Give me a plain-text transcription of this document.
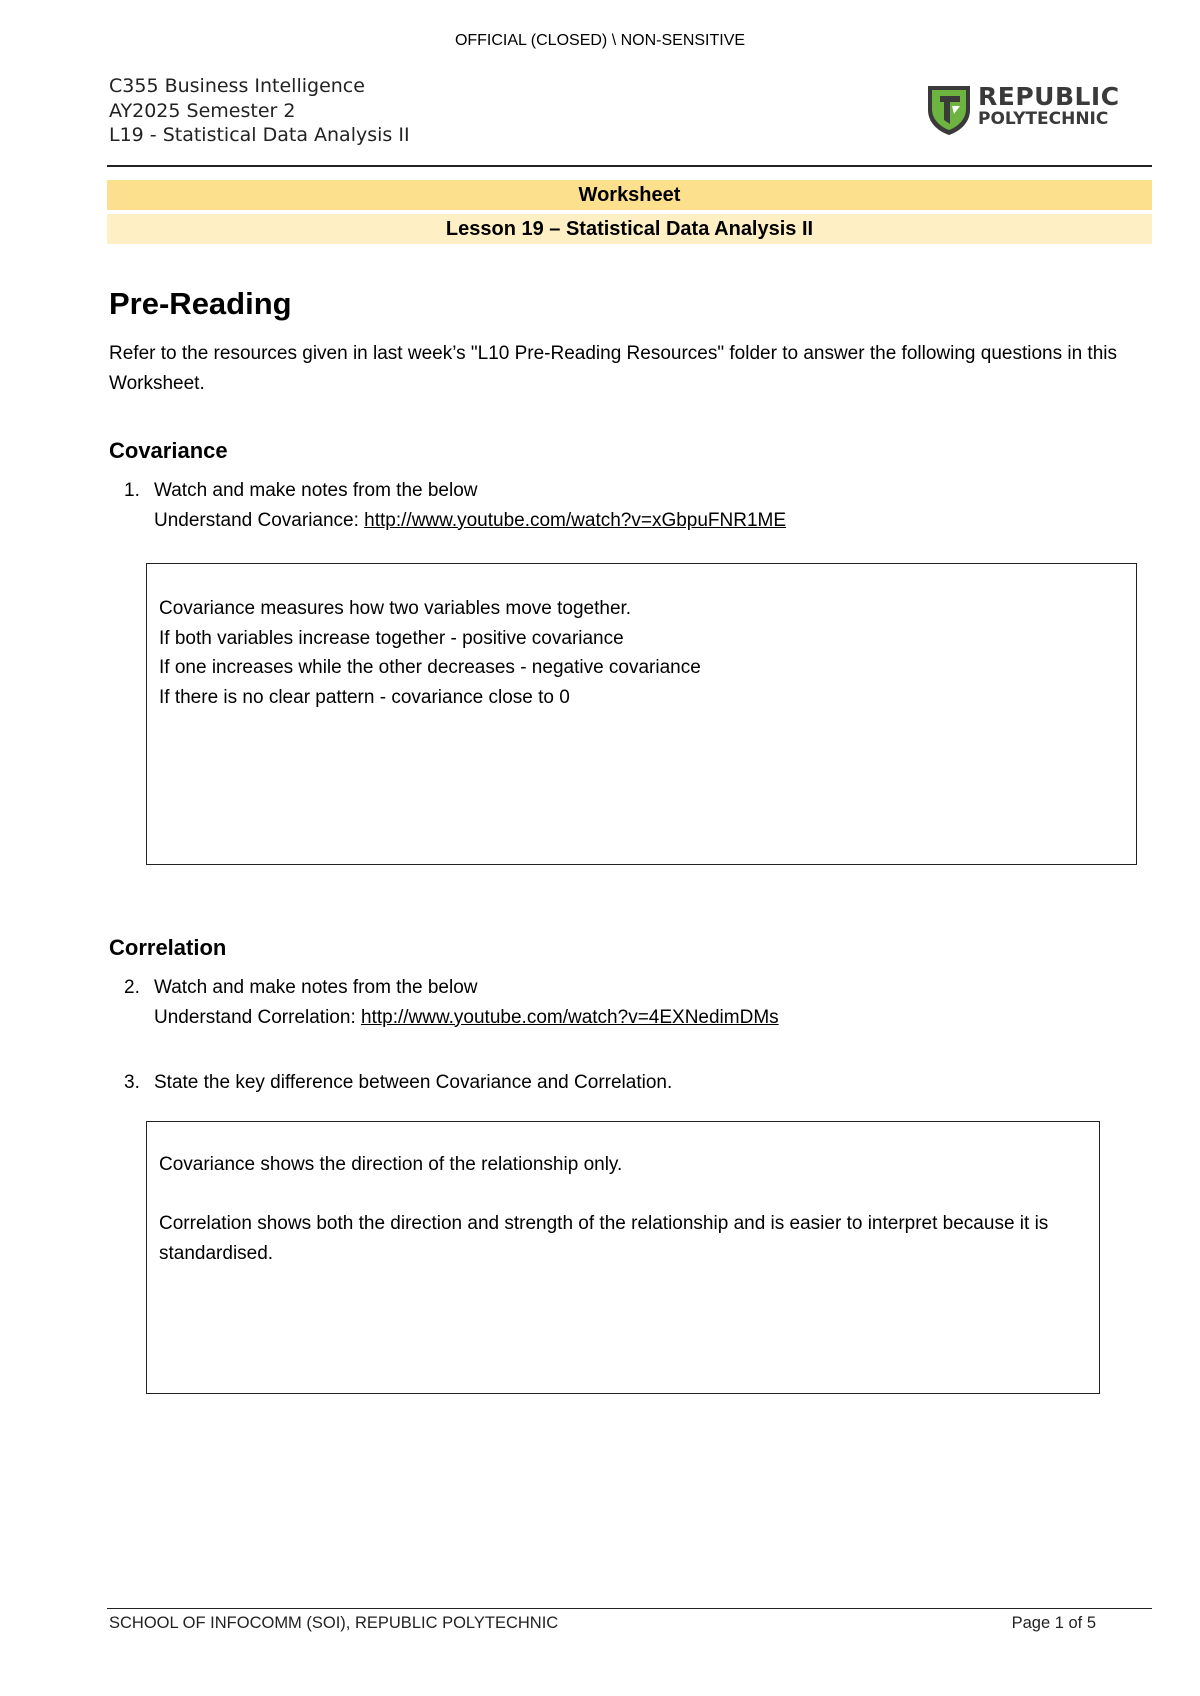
OFFICIAL (CLOSED) \ NON-SENSITIVE
C355 Business Intelligence
AY2025 Semester 2
L19 - Statistical Data Analysis II
REPUBLIC
POLYTECHNIC
Worksheet
Lesson 19 – Statistical Data Analysis II
Pre-Reading

Refer to the resources given in last week’s "L10 Pre-Reading Resources" folder to answer the following questions in this Worksheet.

Covariance
1. Watch and make notes from the below
Understand Covariance: http://www.youtube.com/watch?v=xGbpuFNR1ME

Covariance measures how two variables move together.

If both variables increase together - positive covariance

If one increases while the other decreases - negative covariance

If there is no clear pattern - covariance close to 0

Correlation
2. Watch and make notes from the below
Understand Correlation: http://www.youtube.com/watch?v=4EXNedimDMs
3. State the key difference between Covariance and Correlation.

Covariance shows the direction of the relationship only.

Correlation shows both the direction and strength of the relationship and is easier to interpret because it is standardised.

SCHOOL OF INFOCOMM (SOI), REPUBLIC POLYTECHNIC	Page 1 of 5
